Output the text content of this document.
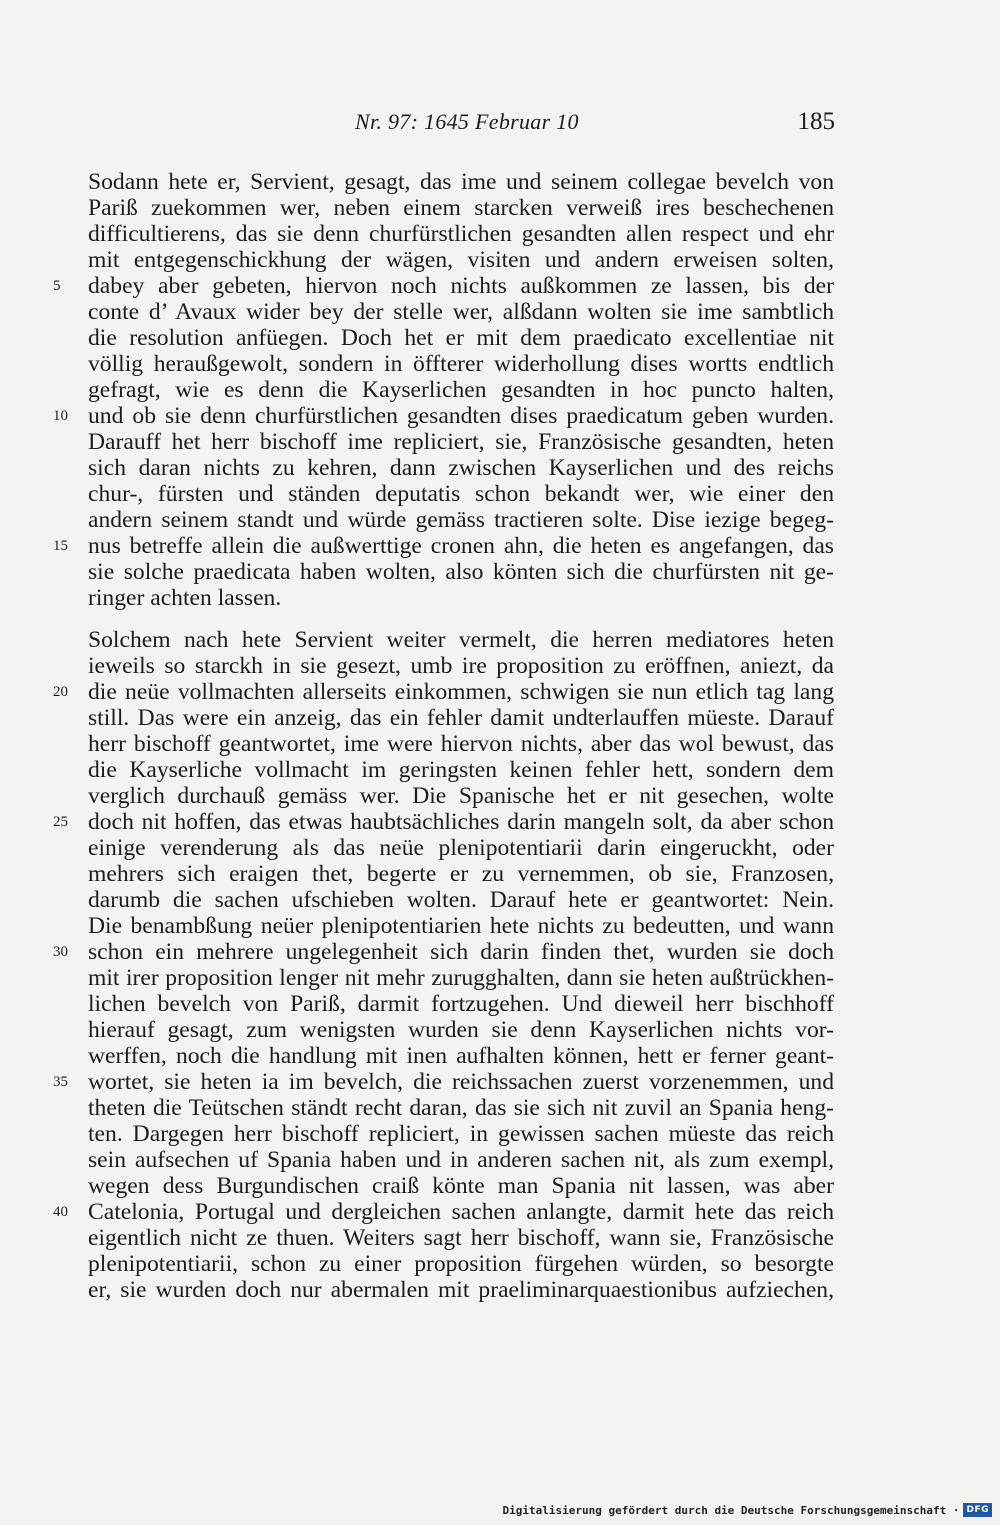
Nr. 97: 1645 Februar 10	185
Sodann hete er, Servient, gesagt, das ime und seinem collegae bevelch von
Pariß zuekommen wer, neben einem starcken verweiß ires beschechenen
difficultierens, das sie denn churfürstlichen gesandten allen respect und ehr
mit entgegenschickhung der wägen, visiten und andern erweisen solten,
dabey aber gebeten, hiervon noch nichts außkommen ze lassen, bis der
conte d’ Avaux wider bey der stelle wer, alßdann wolten sie ime sambtlich
die resolution anfüegen. Doch het er mit dem praedicato excellentiae nit
völlig heraußgewolt, sondern in öffterer widerhollung dises wortts endtlich
gefragt, wie es denn die Kayserlichen gesandten in hoc puncto halten,
und ob sie denn churfürstlichen gesandten dises praedicatum geben wurden.
Darauff het herr bischoff ime repliciert, sie, Französische gesandten, heten
sich daran nichts zu kehren, dann zwischen Kayserlichen und des reichs
chur-, fürsten und ständen deputatis schon bekandt wer, wie einer den
andern seinem standt und würde gemäss tractieren solte. Dise iezige begeg-
nus betreffe allein die außwerttige cronen ahn, die heten es angefangen, das
sie solche praedicata haben wolten, also könten sich die churfürsten nit ge-
ringer achten lassen.
Solchem nach hete Servient weiter vermelt, die herren mediatores heten
ieweils so starckh in sie gesezt, umb ire proposition zu eröffnen, aniezt, da
die neüe vollmachten allerseits einkommen, schwigen sie nun etlich tag lang
still. Das were ein anzeig, das ein fehler damit undterlauffen müeste. Darauf
herr bischoff geantwortet, ime were hiervon nichts, aber das wol bewust, das
die Kayserliche vollmacht im geringsten keinen fehler hett, sondern dem
verglich durchauß gemäss wer. Die Spanische het er nit gesechen, wolte
doch nit hoffen, das etwas haubtsächliches darin mangeln solt, da aber schon
einige verenderung als das neüe plenipotentiarii darin eingeruckht, oder
mehrers sich eraigen thet, begerte er zu vernemmen, ob sie, Franzosen,
darumb die sachen ufschieben wolten. Darauf hete er geantwortet: Nein.
Die benambßung neüer plenipotentiarien hete nichts zu bedeutten, und wann
schon ein mehrere ungelegenheit sich darin finden thet, wurden sie doch
mit irer proposition lenger nit mehr zurugghalten, dann sie heten außtrückhen-
lichen bevelch von Pariß, darmit fortzugehen. Und dieweil herr bischhoff
hierauf gesagt, zum wenigsten wurden sie denn Kayserlichen nichts vor-
werffen, noch die handlung mit inen aufhalten können, hett er ferner geant-
wortet, sie heten ia im bevelch, die reichssachen zuerst vorzenemmen, und
theten die Teütschen ständt recht daran, das sie sich nit zuvil an Spania heng-
ten. Dargegen herr bischoff repliciert, in gewissen sachen müeste das reich
sein aufsechen uf Spania haben und in anderen sachen nit, als zum exempl,
wegen dess Burgundischen craiß könte man Spania nit lassen, was aber
Catelonia, Portugal und dergleichen sachen anlangte, darmit hete das reich
eigentlich nicht ze thuen. Weiters sagt herr bischoff, wann sie, Französische
plenipotentiarii, schon zu einer proposition fürgehen würden, so besorgte
er, sie wurden doch nur abermalen mit praeliminarquaestionibus aufziechen,
5
10
15
20
25
30
35
40
Digitalisierung gefördert durch die Deutsche Forschungsgemeinschaft · DFG
